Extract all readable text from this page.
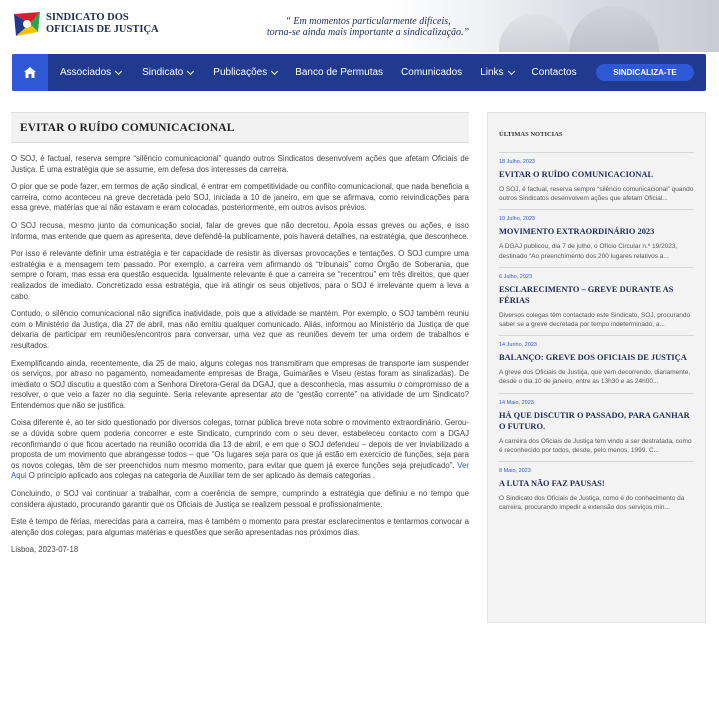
SINDICATO DOS
OFICIAIS DE JUSTIÇA
“ Em momentos particularmente difíceis,
torna-se ainda mais importante a sindicalização.”
Associados	Sindicato	Publicações	Banco de Permutas Comunicados Links	Contactos	SINDICALIZA-TE
EVITAR O RUÍDO COMUNICACIONAL

O SOJ, é factual, reserva sempre “silêncio comunicacional” quando outros Sindicatos desenvolvem ações que afetam Oficiais de Justiça. É uma estratégia que se assume, em defesa dos interesses da carreira.

O pior que se pode fazer, em termos de ação sindical, é entrar em competitividade ou conflito comunicacional, que nada beneficia a carreira, como aconteceu na greve decretada pelo SOJ, iniciada a 10 de janeiro, em que se afirmava, como reivindicações para essa greve, matérias que aí não estavam e eram colocadas, posteriormente, em outros avisos prévios.

O SOJ recusa, mesmo junto da comunicação social, falar de greves que não decretou. Apoia essas greves ou ações, e isso informa, mas entende que quem as apresenta, deve defendê-la publicamente, pois haverá detalhes, na estratégia, que desconhece.

Por isso é relevante definir uma estratégia e ter capacidade de resistir às diversas provocações e tentações. O SOJ cumpre uma estratégia e a mensagem tem passado. Por exemplo, a carreira vem afirmando os “tribunais” como Órgão de Soberania, que sempre o foram, mas essa era questão esquecida. Igualmente relevante é que a carreira se “recentrou” em três direitos, que quer realizados de imediato. Concretizado essa estratégia, que irá atingir os seus objetivos, para o SOJ é irrelevante quem a leva a cabo.

Contudo, o silêncio comunicacional não significa inatividade, pois que a atividade se mantém. Por exemplo, o SOJ também reuniu com o Ministério da Justiça, dia 27 de abril, mas não emitiu qualquer comunicado. Aliás, informou ao Ministério da Justiça de que deixaria de participar em reuniões/encontros para conversar, uma vez que as reuniões devem ter uma ordem de trabalhos e resultados.

Exemplificando ainda, recentemente, dia 25 de maio, alguns colegas nos transmitiram que empresas de transporte iam suspender os serviços, por atraso no pagamento, nomeadamente empresas de Braga, Guimarães e Viseu (estas foram as sinalizadas). De imediato o SOJ discutiu a questão com a Senhora Diretora-Geral da DGAJ, que a desconhecia, mas assumiu o compromisso de a resolver, o que veio a fazer no dia seguinte. Seria relevante apresentar ato de “gestão corrente” na atividade de um Sindicato? Entendemos que não se justifica.

Coisa diferente é, ao ter sido questionado por diversos colegas, tornar pública breve nota sobre o movimento extraordinário. Gerou-se a dúvida sobre quem poderia concorrer e este Sindicato, cumprindo com o seu dever, estabeleceu contacto com a DGAJ reconfirmando o que ficou acertado na reunião ocorrida dia 13 de abril, e em que o SOJ defendeu – depois de ver inviabilizado a proposta de um movimento que abrangesse todos – que “Os lugares seja para os que já estão em exercício de funções, seja para os novos colegas, têm de ser preenchidos num mesmo momento, para evitar que quem já exerce funções seja prejudicado”. Ver Aqui O princípio aplicado aos colegas na categoria de Auxiliar tem de ser aplicado às demais categorias .

Concluindo, o SOJ vai continuar a trabalhar, com a coerência de sempre, cumprindo a estratégia que definiu e no tempo que considera ajustado, procurando garantir que os Oficiais de Justiça se realizem pessoal e profissionalmente.

Este é tempo de férias, merecidas para a carreira, mas é também o momento para prestar esclarecimentos e tentarmos convocar a atenção dos colegas, para algumas matérias e questões que serão apresentadas nos próximos dias.

Lisboa, 2023-07-18

ÚLTIMAS NOTICIAS
18 Julho, 2023
EVITAR O RUÍDO COMUNICACIONAL
O SOJ, é factual, reserva sempre “silêncio comunicacional” quando outros Sindicatos desenvolvem ações que afetam Oficial...
10 Julho, 2023
MOVIMENTO EXTRAORDINÁRIO 2023
A DGAJ publicou, dia 7 de julho, o Ofício Circular n.º 19/2023, destinado “Ao preenchimento dos 200 lugares relativos a...
6 Julho, 2023
ESCLARECIMENTO – GREVE DURANTE AS FÉRIAS
Diversos colegas têm contactado este Sindicato, SOJ, procurando saber se a greve decretada por tempo indeterminado, a...
14 Junho, 2023
BALANÇO: GREVE DOS OFICIAIS DE JUSTIÇA
A greve dos Oficiais de Justiça, que vem decorrendo, diariamente, desde o dia 10 de janeiro, entre as 13h30 e as 24h00...
14 Maio, 2023
HÁ QUE DISCUTIR O PASSADO, PARA GANHAR O FUTURO.
A carreira dos Oficiais de Justiça tem vindo a ser destratada, como é reconhecido por todos, desde, pelo menos, 1999. C...
8 Maio, 2023
A LUTA NÃO FAZ PAUSAS!
O Sindicato dos Oficiais de Justiça, como é do conhecimento da carreira, procurando impedir a extensão dos serviços min...
